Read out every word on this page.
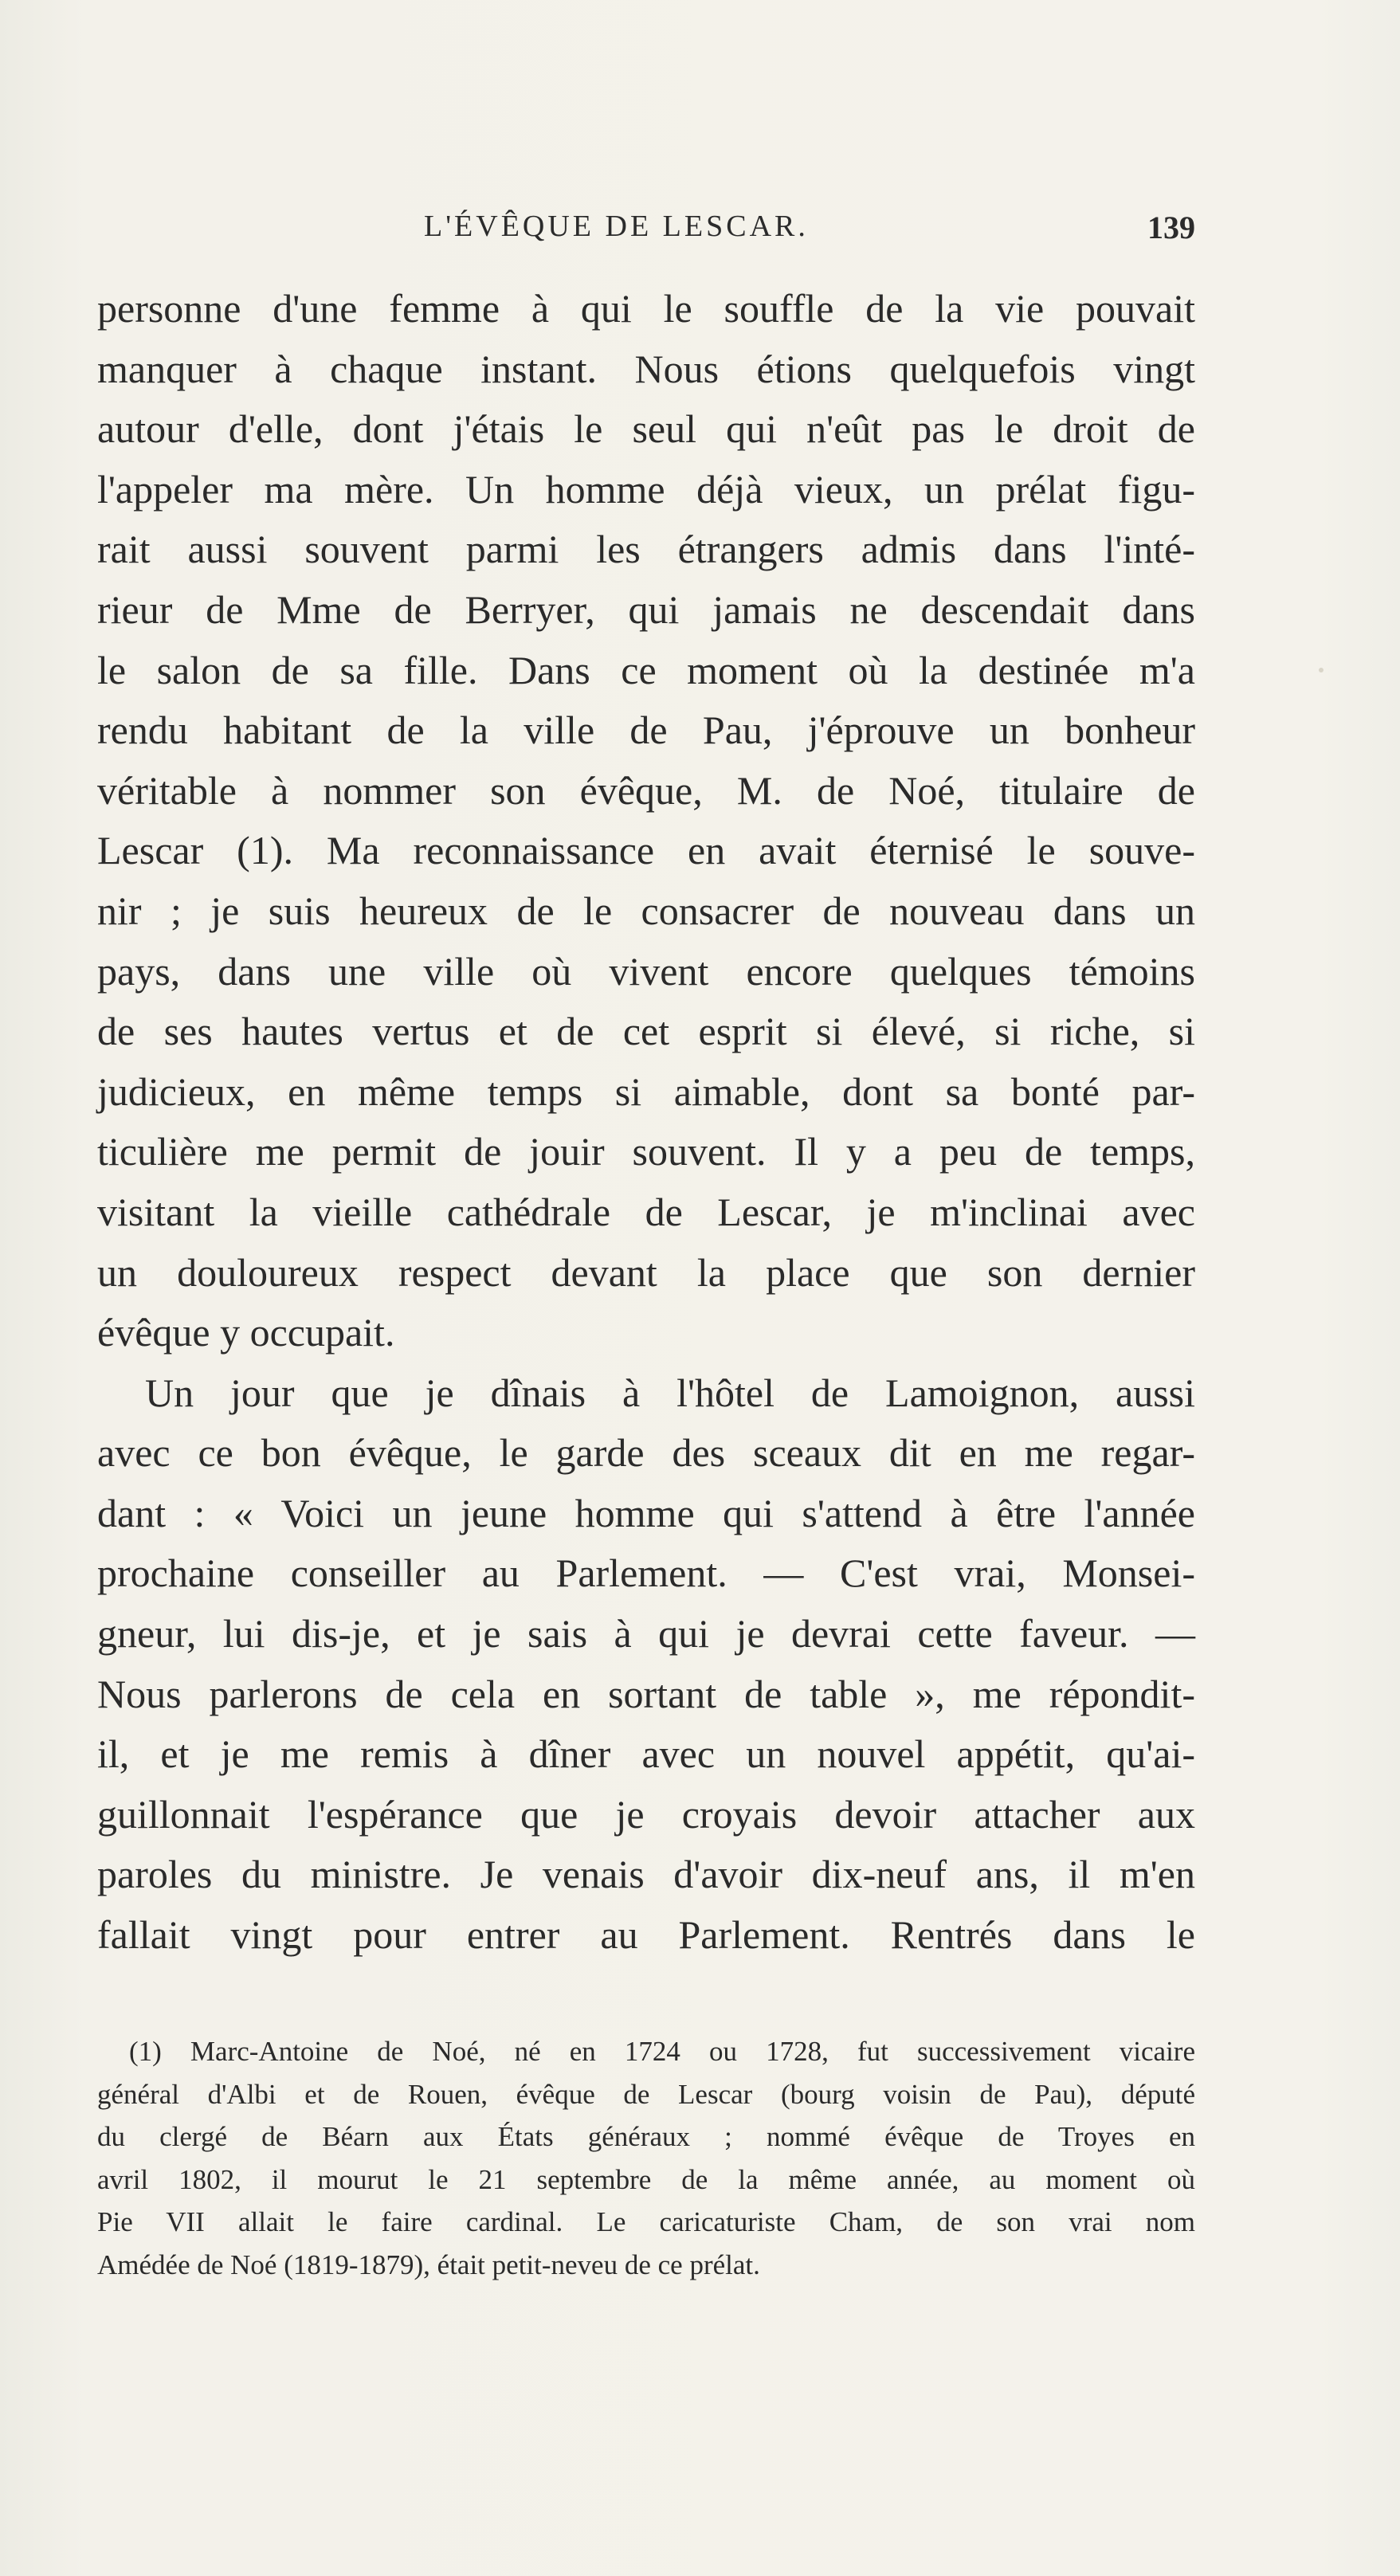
L'ÉVÊQUE DE LESCAR.	139
personne d'une femme à qui le souffle de la vie pouvait
manquer à chaque instant. Nous étions quelquefois vingt
autour d'elle, dont j'étais le seul qui n'eût pas le droit de
l'appeler ma mère. Un homme déjà vieux, un prélat figu-
rait aussi souvent parmi les étrangers admis dans l'inté-
rieur de Mme de Berryer, qui jamais ne descendait dans
le salon de sa fille. Dans ce moment où la destinée m'a
rendu habitant de la ville de Pau, j'éprouve un bonheur
véritable à nommer son évêque, M. de Noé, titulaire de
Lescar (1). Ma reconnaissance en avait éternisé le souve-
nir ; je suis heureux de le consacrer de nouveau dans un
pays, dans une ville où vivent encore quelques témoins
de ses hautes vertus et de cet esprit si élevé, si riche, si
judicieux, en même temps si aimable, dont sa bonté par-
ticulière me permit de jouir souvent. Il y a peu de temps,
visitant la vieille cathédrale de Lescar, je m'inclinai avec
un douloureux respect devant la place que son dernier
évêque y occupait.
Un jour que je dînais à l'hôtel de Lamoignon, aussi
avec ce bon évêque, le garde des sceaux dit en me regar-
dant : « Voici un jeune homme qui s'attend à être l'année
prochaine conseiller au Parlement. — C'est vrai, Monsei-
gneur, lui dis-je, et je sais à qui je devrai cette faveur. —
Nous parlerons de cela en sortant de table », me répondit-
il, et je me remis à dîner avec un nouvel appétit, qu'ai-
guillonnait l'espérance que je croyais devoir attacher aux
paroles du ministre. Je venais d'avoir dix-neuf ans, il m'en
fallait vingt pour entrer au Parlement. Rentrés dans le
(1) Marc-Antoine de Noé, né en 1724 ou 1728, fut successivement vicaire
général d'Albi et de Rouen, évêque de Lescar (bourg voisin de Pau), député
du clergé de Béarn aux États généraux ; nommé évêque de Troyes en
avril 1802, il mourut le 21 septembre de la même année, au moment où
Pie VII allait le faire cardinal. Le caricaturiste Cham, de son vrai nom
Amédée de Noé (1819-1879), était petit-neveu de ce prélat.
